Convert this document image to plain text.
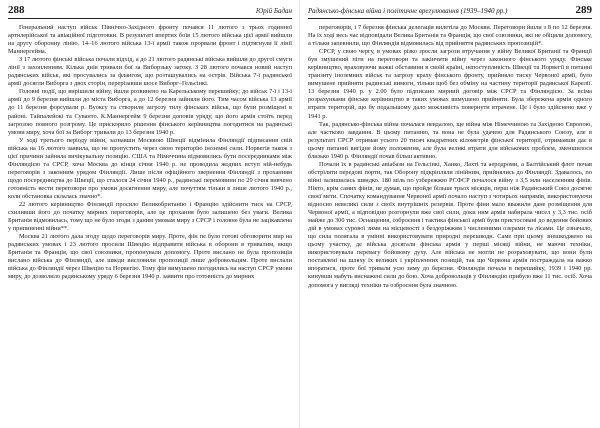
288	Юрій Бадан

Генеральний наступ військ Північно-Західного фронту почався 11 лютого з трьох годинної артилерійської та авіаційної підготовки. В результаті впертих боїв 15 лютого війська цієї армії вийшли на другу оборонну лінію. 14–16 лютого війська 13-ї армії також прорвали фронт і підтягнули її лінії Маннергейма.

З 17 лютого фінські війська почали відхід, а до 21 лютого радянські війська вийшли до другої смуги лінії з захопленням. Кілька днів тривали бої за Виборзьку затоку. З 28 лютого почався новий наступ радянських військ, які просувались за флангом, що розташувались на острів. Війська 7-ї радянської армії досягли Виборга з двох сторін, перерізавши шосе Виборг–Гельсінкі.

Головні події, що вирішили війну, йшли розвинено на Карельському перешийку; до військ 7-ї і 13-ї армії до 9 березня вийшли до міста Виборга, а до 12 березня зайняли його. Тим часом війська 13 армії до 11 березня форсували р. Вуоксу та створили загрозу тилу фінських військ, що були розміщені в районі. Тайпалейокі та Суванто. К.Маннергейм 9 березня доповів уряду, що його армія стоїть перед загрозою повного розгрому. Це прискорило рішення фінського керівництва погодитися на радянські умови миру, хоча бої за Виборг тривали до 13 березня 1940 р.

У ході третього періоду війни, зазнавши Москвою Швеції відмінила Фінляндії підписання свій війська на 16 лютого заявила, що не пропустить через свою територію іноземні сили. Норвегія також з цієї причини зайняла вичікувальну позицію. США та Німеччина відмовились бути посередниками між Фінляндією та СРСР, хоча Москва до кінця січня 1940 р. не проводила жодних вступ ній-небудь переговорів з законним урядом Фінляндії. Лише після офіційного звернення Фінляндії з проханням щодо посередництва до Швеції, що сталося 24 січня 1940 р., радянські перемовини по 29 січня вивчено готовність вести переговори про умови досягнення миру, але почуттям тільки в лише лютого 1940 р., коли обстановка склалась значно*.

22 лютого керівництво Фінляндії просило Великобританію і Францію здійснити тиск на СРСР, схиливши його до початку мирних переговорів, але це прохання було залишено без уваги. Велика Британія відмовилась, тому що не було згоди з даним умовам миру з СРСР і головне була не зацікавлена у припиненні війни**.

Москва 21 лютого дала згоду щодо переговорів миру. Проте, фін пе було готові обговорити мир на радянських умовах і 23 лютого просили Швецію відправити війська в оборони в тривалим, якщо Британія та Франція, що свої союзники, пропонували допомогу. Проте вислано не була пропозиція вислано війська до Фінляндії, але шведи висловили пропозиції лише добровольцям. Проте вислали війська до Фінляндії через Швецію та Норвегію. Тому фін вимушено погодились на наступ СРСР умови миру, до дозволило радянському уряду 6 березня 1940 р. заявити про готовність до мирних

Радянсько-фінська війна і політичне врегулювання (1939–1940 рр.)	289

переговорів, і 7 березня фінська делегація вилетіла до Москви. Переговори йшли з 8 по 12 березня. На їх ході весь час відповідали Велика Британія та Франція, що свої союзники, які не обіцяли допомогу, а тільки запевнили, що Фінляндія відмовилась від прийняття радянських пропозицій*.

СРСР, у свою чергу, в умовах різко зросли загрози втручання у війну Великої Британії та Франції був змушений піти на переговори та закінчити війну через законного фінського уряду. Фінське керівництво, враховуючи важкі обставини в своїй країні, непоступливість Швеції та Норвегії в питанні транзиту іноземних військ та загрозу краху фінського фронту, прийняло тиску Червоної армії, було вимушене прийняти радянські вимоги, тільки щоб без обміну на частину території радянської Карелії. 13 березня 1940 р. у 2.00 було підписано мирний договір між СРСР та Фінляндією. За всіма розрахунками фінське керівництво в таких умовах вимушено прийняти. Була збережена армія одного втрати територій, що бу подальшому дало можливість повернути втрачене. Це і було здійснено вже у 1941 р.

Так, радянсько-фінська війна почалася невдалою, ще війна між Німеччиною та Західною Європою, але частково завдання. В цьому питанню, та вона не була удачею для Радянського Союзу, але в результаті СРСР отримав усього 20 тисяч квадратних кілометрів фінської території, отримавши дає в цьому питанні вигідне йому положення, але була великі втрати для військових проблем, зменшилося близько 1940 р. Фінляндії почав більш активно.

Почали їх в радянські авіабази на Гельсінкі, Ханко, Лахті та аеродроми, а Балтійський флот почав обстріляти передові порти, так Оборону підкріпляли лінійним, прийнялись до Фінляндії. Здавалось, по війні залишилась швидко. 180 міль по узбережжю РСФСР почалося війну з 3,5 млн населенням фінів. Нікто, крім самих фінів, не думав, що пройде більше трьох місяців, перш ніж Радянський Союз досягне своєї мети. Спочатку командування Червоної армії почало наступ з чотирьох напрямів, використовуючи відносно невеликі сили з своїх внутрішніх резервів. Проте фіни мало вважили дане розміщення для Червоної армії, а відповідно розгорнули вже свої сили, доки ним армія набирала чисел у 3,3 тис. осіб майже до 300 тис. Оснащення, озброєння і тактика фінської армії були пристосовані до ведення бойових дій в умовах сурової зими на місцевості з бездоріжжям і численними озерами та лісами. Це означало, що сила полягала в умінні використовувати природні перешкоди. Саме при цьому знешкоджено на цьому участку, де війська досягали фінська армія у перші місяці війни, не маючи техніки, використовувала перевагу бойовому духу. Але війська не могли не розраховувати, що вони були поставлені на шляху їх великих і укріпленних позицій, так що Червона армія постраждала на важко впоратися, проте бої тривали усю зиму до березня. Фінляндія почала в перешийку, 1939 і 1940 рр. кинувши мабуть виснажені сили до бою. Хоча добровольців у Фінляндію прибуло вже 11 тис. осіб. Хоча допомога у вигляді техніки та озброєння була значною.
